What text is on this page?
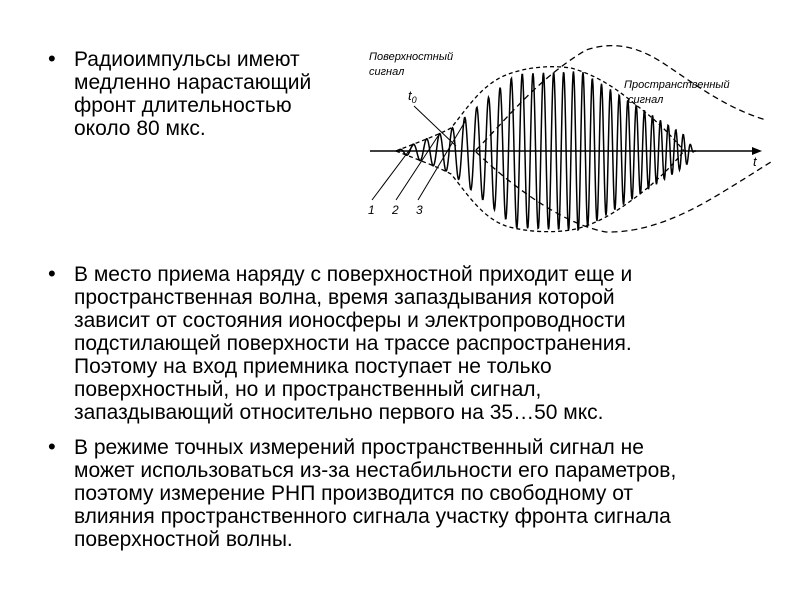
• Радиоимпульсы имеют
медленно нарастающий
фронт длительностью
около 80 мкс.
• В место приема наряду с поверхностной приходит еще и
пространственная волна, время запаздывания которой
зависит от состояния ионосферы и электропроводности
подстилающей поверхности на трассе распространения.
Поэтому на вход приемника поступает не только
поверхностный, но и пространственный сигнал,
запаздывающий относительно первого на 35…50 мкс.
• В режиме точных измерений пространственный сигнал не
может использоваться из-за нестабильности его параметров,
поэтому измерение РНП производится по свободному от
влияния пространственного сигнала участку фронта сигнала
поверхностной волны.
Поверхностный
сигнал
Пространственный
сигнал
$t_0$
t
1 2 3
